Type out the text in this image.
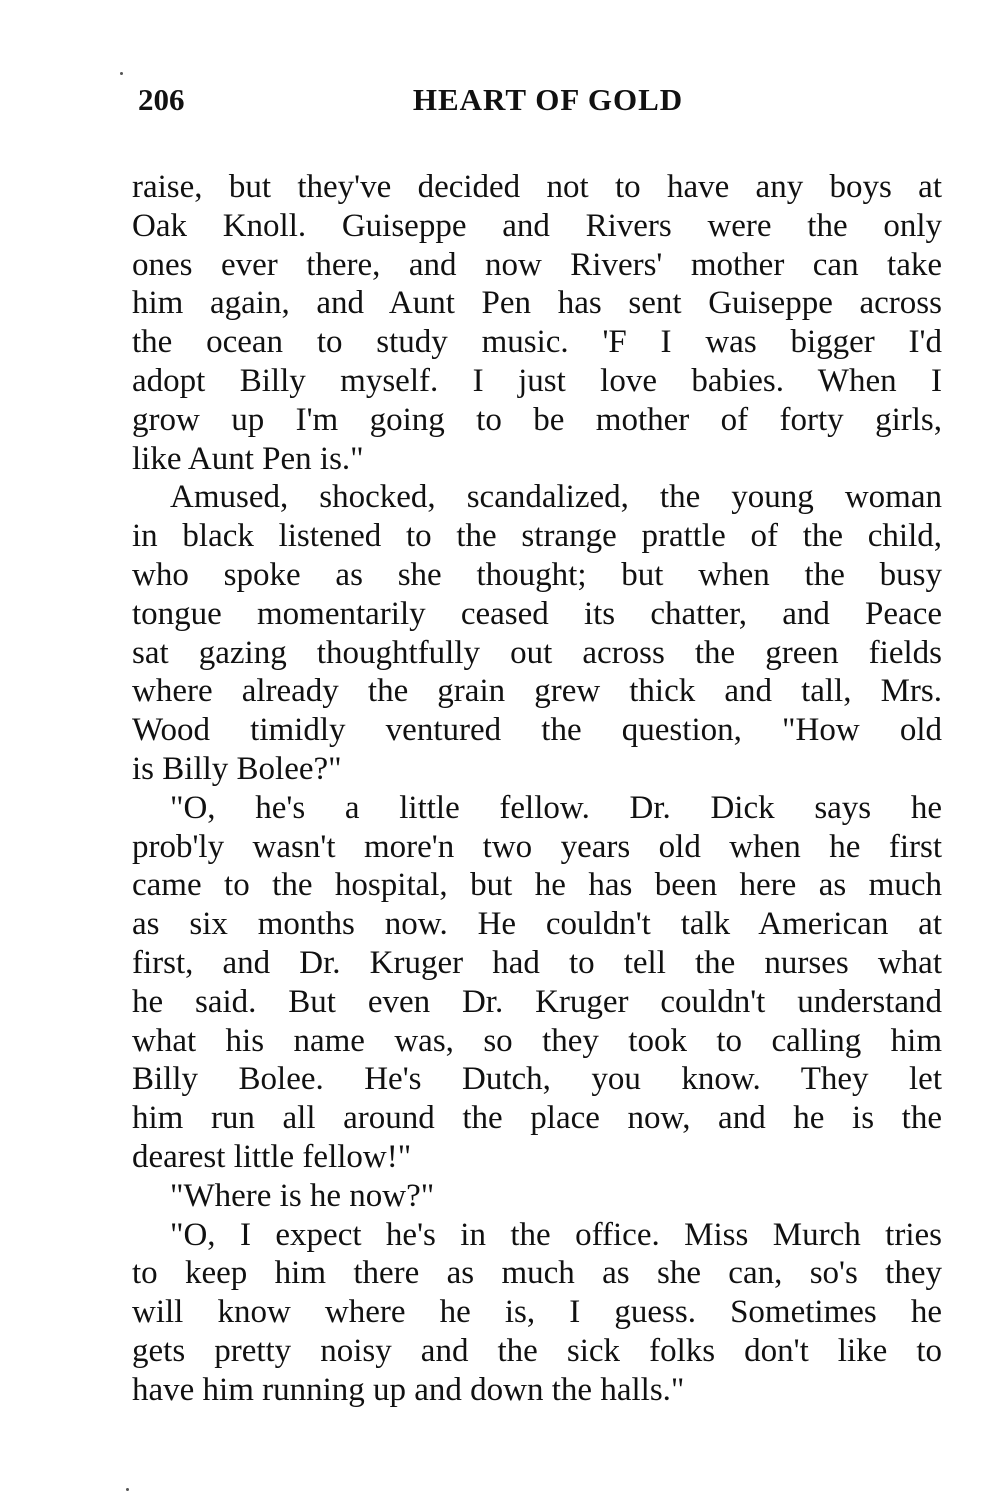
206	HEART OF GOLD
raise, but they've decided not to have any boys at
Oak Knoll. Guiseppe and Rivers were the only
ones ever there, and now Rivers' mother can take
him again, and Aunt Pen has sent Guiseppe across
the ocean to study music. 'F I was bigger I'd
adopt Billy myself. I just love babies. When I
grow up I'm going to be mother of forty girls,
like Aunt Pen is."
Amused, shocked, scandalized, the young woman
in black listened to the strange prattle of the child,
who spoke as she thought; but when the busy
tongue momentarily ceased its chatter, and Peace
sat gazing thoughtfully out across the green fields
where already the grain grew thick and tall, Mrs.
Wood timidly ventured the question, "How old
is Billy Bolee?"
"O, he's a little fellow. Dr. Dick says he
prob'ly wasn't more'n two years old when he first
came to the hospital, but he has been here as much
as six months now. He couldn't talk American at
first, and Dr. Kruger had to tell the nurses what
he said. But even Dr. Kruger couldn't understand
what his name was, so they took to calling him
Billy Bolee. He's Dutch, you know. They let
him run all around the place now, and he is the
dearest little fellow!"
"Where is he now?"
"O, I expect he's in the office. Miss Murch tries
to keep him there as much as she can, so's they
will know where he is, I guess. Sometimes he
gets pretty noisy and the sick folks don't like to
have him running up and down the halls."
